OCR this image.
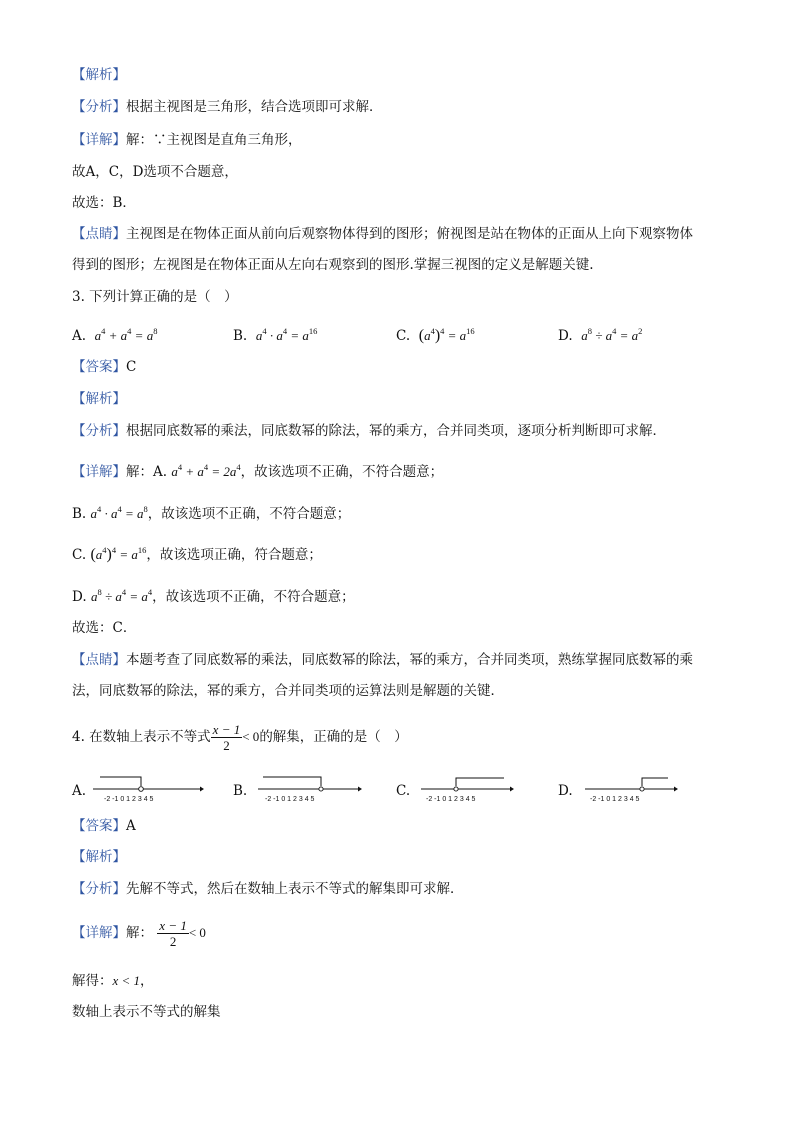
【解析】
【分析】根据主视图是三角形，结合选项即可求解．
【详解】解：∵主视图是直角三角形，
故A，C，D选项不合题意，
故选：B．
【点睛】主视图是在物体正面从前向后观察物体得到的图形；俯视图是站在物体的正面从上向下观察物体
得到的图形；左视图是在物体正面从左向右观察到的图形.掌握三视图的定义是解题关键.
3. 下列计算正确的是（　）
A. $a^4 + a^4 = a^8$	B. $a^4 \cdot a^4 = a^{16}$	C. $(a^4)^4 = a^{16}$	D. $a^8 \div a^4 = a^2$
【答案】C
【解析】
【分析】根据同底数幂的乘法，同底数幂的除法，幂的乘方，合并同类项，逐项分析判断即可求解．
【详解】解：A. $a^4 + a^4 = 2a^4$，故该选项不正确，不符合题意；
B. $a^4 \cdot a^4 = a^8$，故该选项不正确，不符合题意；
C. $(a^4)^4 = a^{16}$，故该选项正确，符合题意；
D. $a^8 \div a^4 = a^4$，故该选项不正确，不符合题意；
故选：C．
【点睛】本题考查了同底数幂的乘法，同底数幂的除法，幂的乘方，合并同类项，熟练掌握同底数幂的乘
法，同底数幂的除法，幂的乘方，合并同类项的运算法则是解题的关键．
4. 在数轴上表示不等式 $\frac{x - 1}{2} < 0$的解集，正确的是（　）
A.
-2 -1 0 1 2 3 4 5
B.
-2 -1 0 1 2 3 4 5
C.
-2 -1 0 1 2 3 4 5
D.
-2 -1 0 1 2 3 4 5
【答案】A
【解析】
【分析】先解不等式，然后在数轴上表示不等式的解集即可求解．
【详解】解： $\frac{x - 1}{2} < 0$
解得：x < 1，
数轴上表示不等式的解集
